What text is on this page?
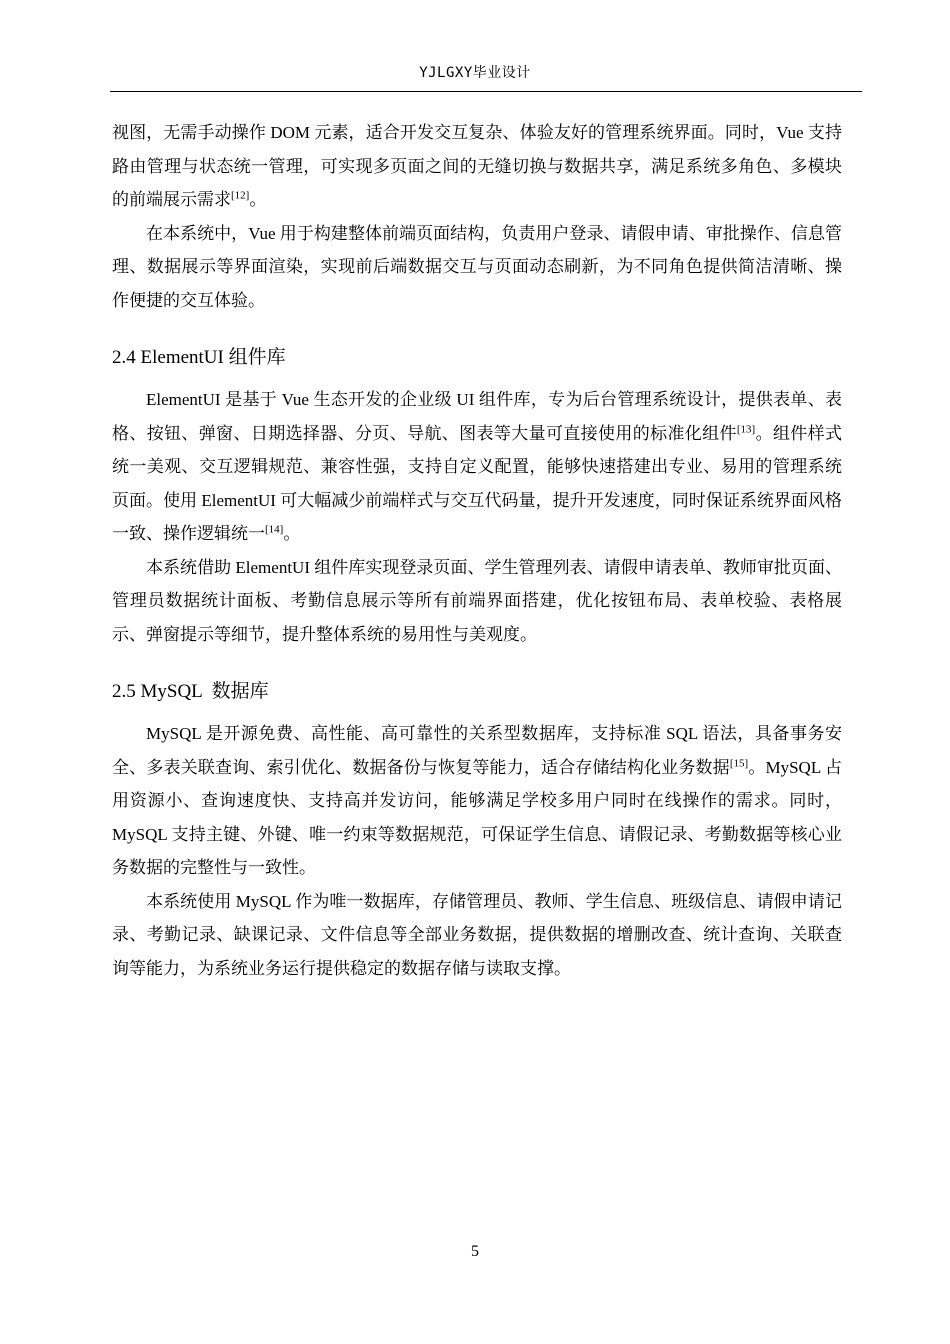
YJLGXY毕业设计

视图，无需手动操作 DOM 元素，适合开发交互复杂、体验友好的管理系统界面。同时，Vue 支持路由管理与状态统一管理，可实现多页面之间的无缝切换与数据共享，满足系统多角色、多模块的前端展示需求[12]。

在本系统中，Vue 用于构建整体前端页面结构，负责用户登录、请假申请、审批操作、信息管理、数据展示等界面渲染，实现前后端数据交互与页面动态刷新，为不同角色提供简洁清晰、操作便捷的交互体验。

2.4 ElementUI 组件库

ElementUI 是基于 Vue 生态开发的企业级 UI 组件库，专为后台管理系统设计，提供表单、表格、按钮、弹窗、日期选择器、分页、导航、图表等大量可直接使用的标准化组件[13]。组件样式统一美观、交互逻辑规范、兼容性强，支持自定义配置，能够快速搭建出专业、易用的管理系统页面。使用 ElementUI 可大幅减少前端样式与交互代码量，提升开发速度，同时保证系统界面风格一致、操作逻辑统一[14]。

本系统借助 ElementUI 组件库实现登录页面、学生管理列表、请假申请表单、教师审批页面、管理员数据统计面板、考勤信息展示等所有前端界面搭建，优化按钮布局、表单校验、表格展示、弹窗提示等细节，提升整体系统的易用性与美观度。

2.5 MySQL  数据库

MySQL 是开源免费、高性能、高可靠性的关系型数据库，支持标准 SQL 语法，具备事务安全、多表关联查询、索引优化、数据备份与恢复等能力，适合存储结构化业务数据[15]。MySQL 占用资源小、查询速度快、支持高并发访问，能够满足学校多用户同时在线操作的需求。同时，MySQL 支持主键、外键、唯一约束等数据规范，可保证学生信息、请假记录、考勤数据等核心业务数据的完整性与一致性。

本系统使用 MySQL 作为唯一数据库，存储管理员、教师、学生信息、班级信息、请假申请记录、考勤记录、缺课记录、文件信息等全部业务数据，提供数据的增删改查、统计查询、关联查询等能力，为系统业务运行提供稳定的数据存储与读取支撑。

5
